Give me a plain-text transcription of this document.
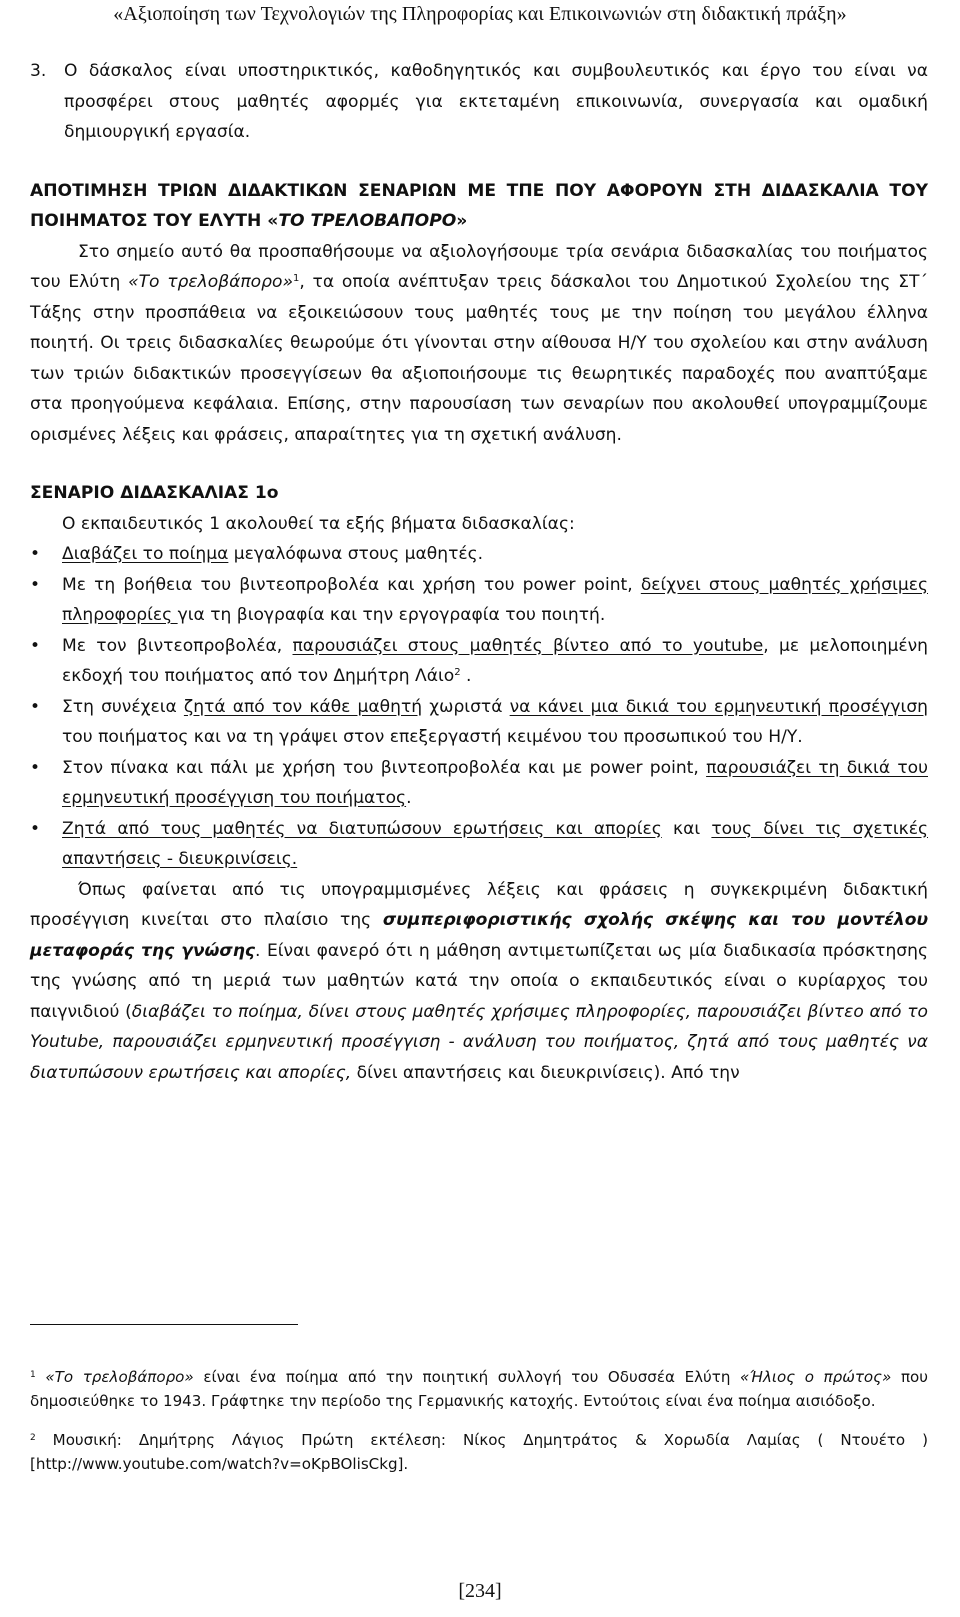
«Αξιοποίηση των Τεχνολογιών της Πληροφορίας και Επικοινωνιών στη διδακτική πράξη»

3. Ο δάσκαλος είναι υποστηρικτικός, καθοδηγητικός και συμβουλευτικός και έργο του είναι να προσφέρει στους μαθητές αφορμές για εκτεταμένη επικοινωνία, συνεργασία και ομαδική δημιουργική εργασία.

ΑΠΟΤΙΜΗΣΗ ΤΡΙΩΝ ΔΙΔΑΚΤΙΚΩΝ ΣΕΝΑΡΙΩΝ ΜΕ ΤΠΕ ΠΟΥ ΑΦΟΡΟΥΝ ΣΤΗ ΔΙΔΑΣΚΑΛΙΑ ΤΟΥ ΠΟΙΗΜΑΤΟΣ ΤΟΥ ΕΛΥΤΗ «ΤΟ ΤΡΕΛΟΒΑΠΟΡΟ»

Στο σημείο αυτό θα προσπαθήσουμε να αξιολογήσουμε τρία σενάρια διδασκαλίας του ποιήματος του Ελύτη «Το τρελοβάπορο»$^1$, τα οποία ανέπτυξαν τρεις δάσκαλοι του Δημοτικού Σχολείου της ΣΤ΄ Τάξης στην προσπάθεια να εξοικειώσουν τους μαθητές τους με την ποίηση του μεγάλου έλληνα ποιητή. Οι τρεις διδασκαλίες θεωρούμε ότι γίνονται στην αίθουσα Η/Υ του σχολείου και στην ανάλυση των τριών διδακτικών προσεγγίσεων θα αξιοποιήσουμε τις θεωρητικές παραδοχές που αναπτύξαμε στα προηγούμενα κεφάλαια. Επίσης, στην παρουσίαση των σεναρίων που ακολουθεί υπογραμμίζουμε ορισμένες λέξεις και φράσεις, απαραίτητες για τη σχετική ανάλυση.

ΣΕΝΑΡΙΟ ΔΙΔΑΣΚΑΛΙΑΣ 1ο

Ο εκπαιδευτικός 1 ακολουθεί τα εξής βήματα διδασκαλίας:

• Διαβάζει το ποίημα μεγαλόφωνα στους μαθητές.
• Με τη βοήθεια του βιντεοπροβολέα και χρήση του power point, δείχνει στους μαθητές χρήσιμες πληροφορίες για τη βιογραφία και την εργογραφία του ποιητή.
• Με τον βιντεοπροβολέα, παρουσιάζει στους μαθητές βίντεο από το youtube, με μελοποιημένη εκδοχή του ποιήματος από τον Δημήτρη Λάιο$^2$ .
• Στη συνέχεια ζητά από τον κάθε μαθητή χωριστά να κάνει μια δικιά του ερμηνευτική προσέγγιση του ποιήματος και να τη γράψει στον επεξεργαστή κειμένου του προσωπικού του Η/Υ.
• Στον πίνακα και πάλι με χρήση του βιντεοπροβολέα και με power point, παρουσιάζει τη δικιά του ερμηνευτική προσέγγιση του ποιήματος.
• Ζητά από τους μαθητές να διατυπώσουν ερωτήσεις και απορίες και τους δίνει τις σχετικές απαντήσεις - διευκρινίσεις.

Όπως φαίνεται από τις υπογραμμισμένες λέξεις και φράσεις η συγκεκριμένη διδακτική προσέγγιση κινείται στο πλαίσιο της συμπεριφοριστικής σχολής σκέψης και του μοντέλου μεταφοράς της γνώσης. Είναι φανερό ότι η μάθηση αντιμετωπίζεται ως μία διαδικασία πρόσκτησης της γνώσης από τη μεριά των μαθητών κατά την οποία ο εκπαιδευτικός είναι ο κυρίαρχος του παιγνιδιού (διαβάζει το ποίημα, δίνει στους μαθητές χρήσιμες πληροφορίες, παρουσιάζει βίντεο από το Youtube, παρουσιάζει ερμηνευτική προσέγγιση - ανάλυση του ποιήματος, ζητά από τους μαθητές να διατυπώσουν ερωτήσεις και απορίες, δίνει απαντήσεις και διευκρινίσεις). Από την

$^1$ «Το τρελοβάπορο» είναι ένα ποίημα από την ποιητική συλλογή του Οδυσσέα Ελύτη «Ήλιος ο πρώτος» που δημοσιεύθηκε το 1943. Γράφτηκε την περίοδο της Γερμανικής κατοχής. Εντούτοις είναι ένα ποίημα αισιόδοξο.

$^2$ Μουσική: Δημήτρης Λάγιος Πρώτη εκτέλεση: Νίκος Δημητράτος & Χορωδία Λαμίας ( Ντουέτο ) [http://www.youtube.com/watch?v=oKpBOlisCkg].

[234]
